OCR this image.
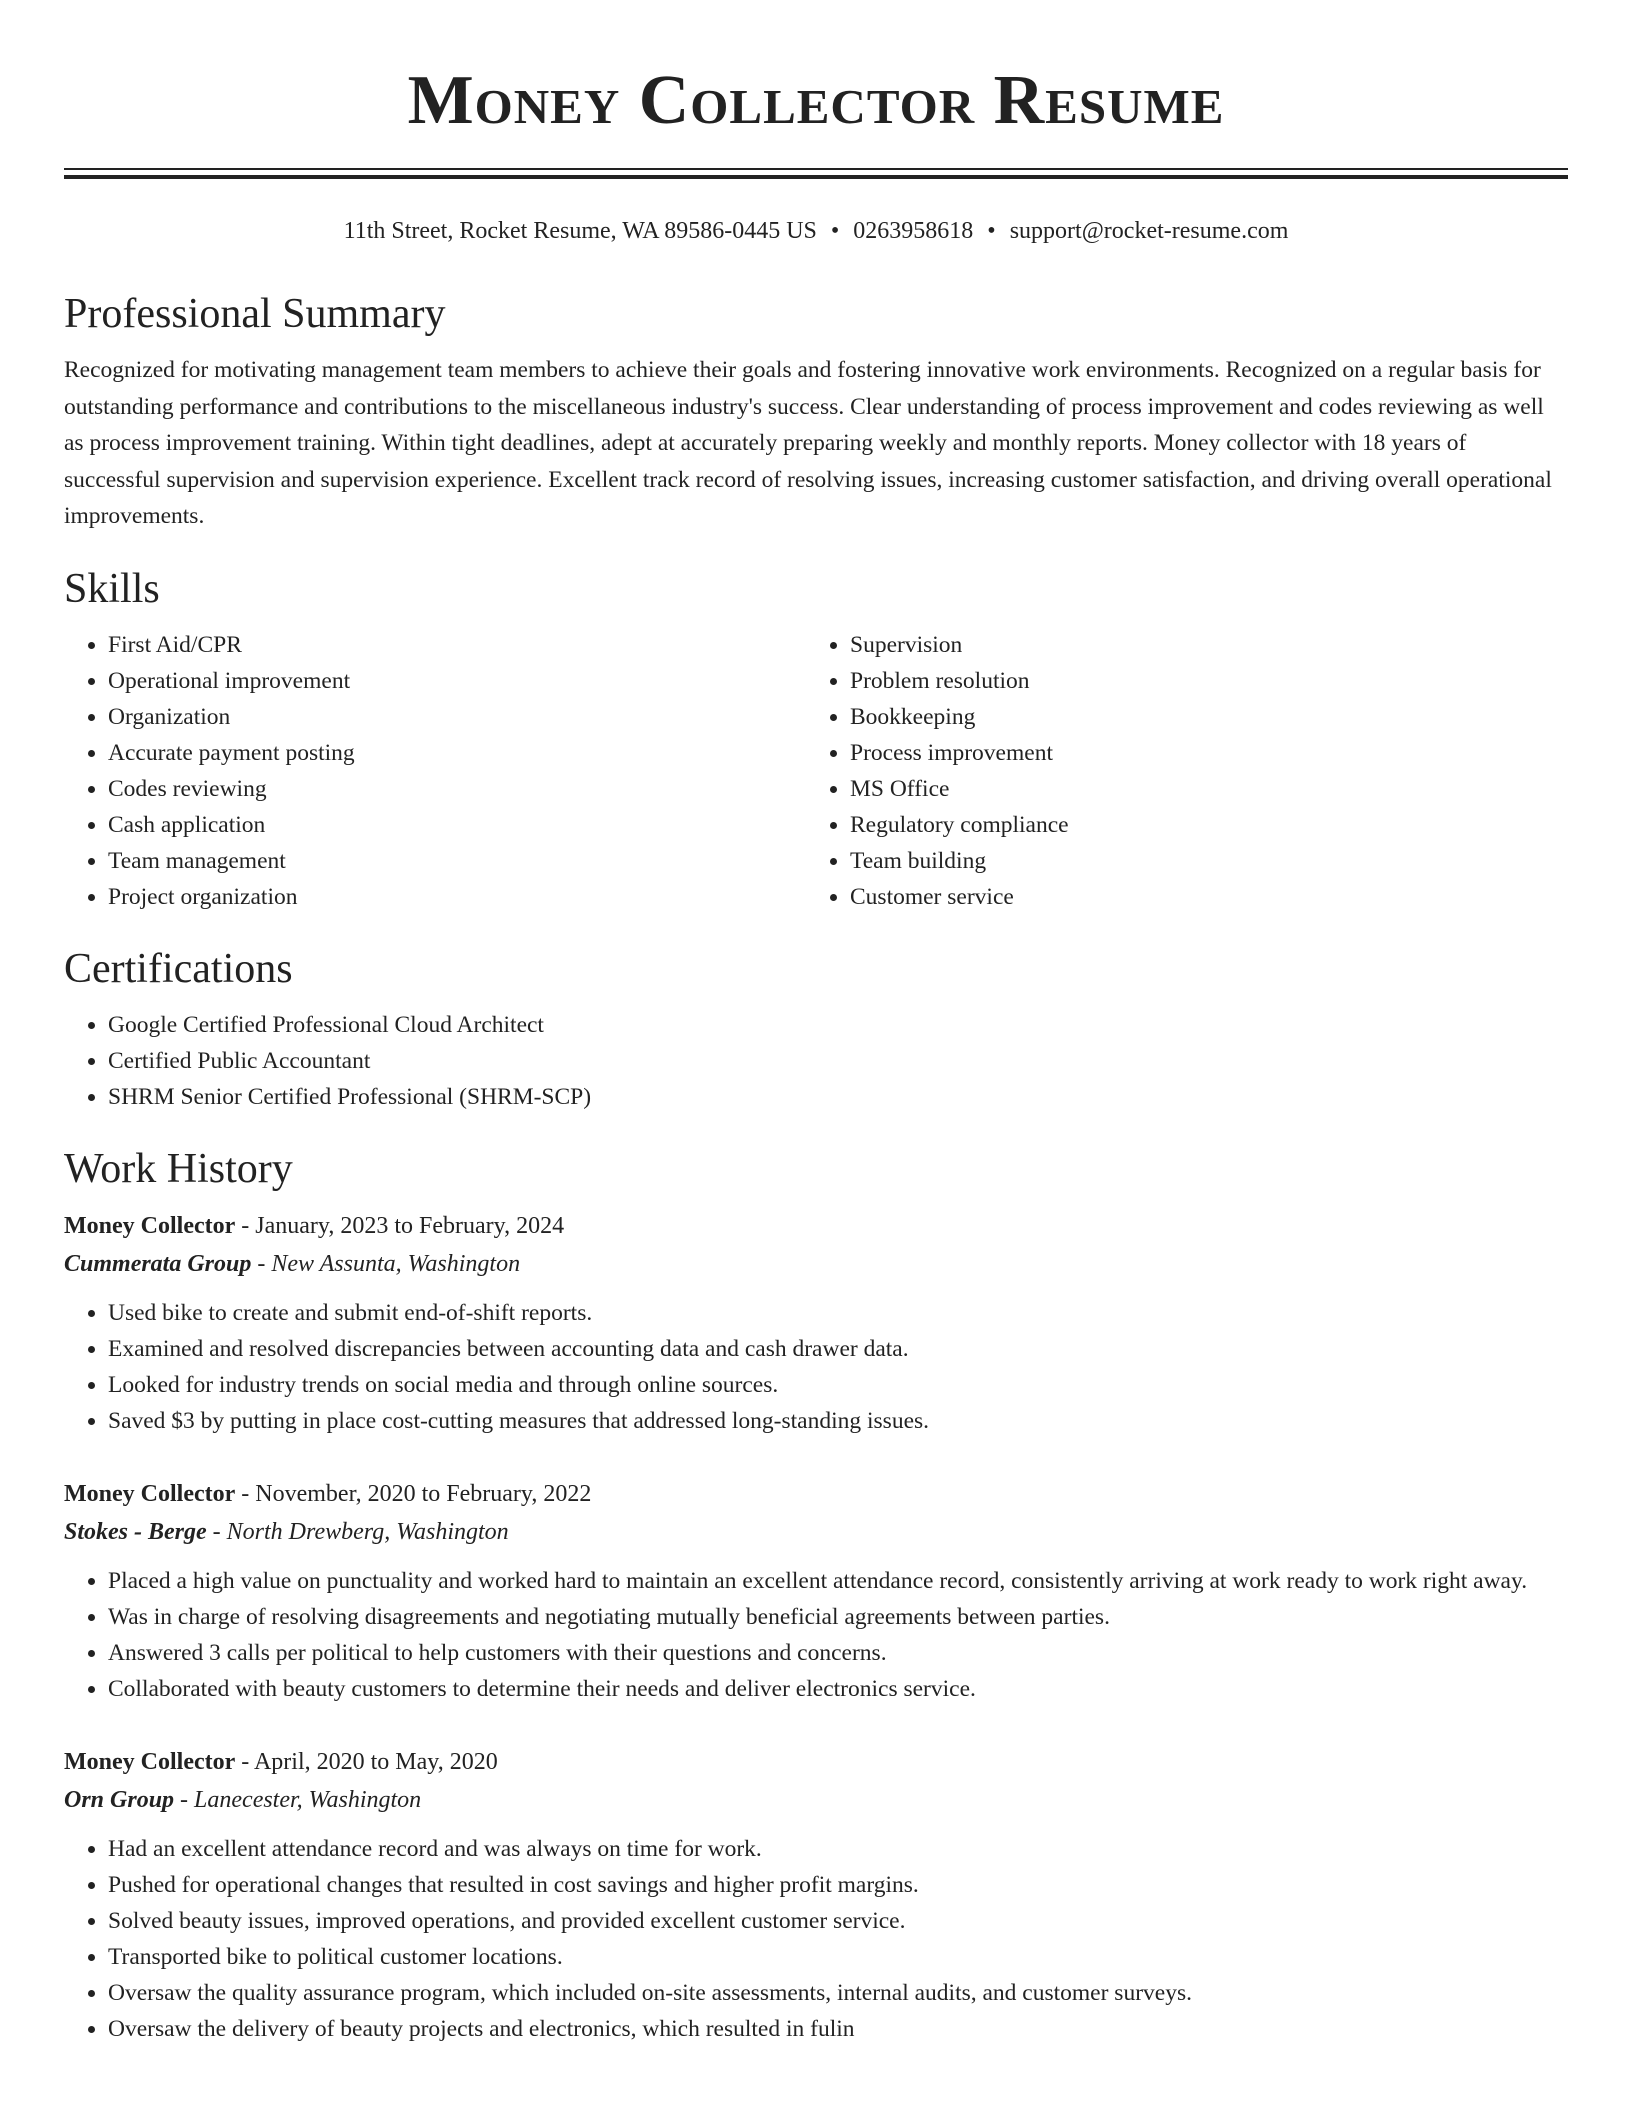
Money Collector Resume
11th Street, Rocket Resume, WA 89586-0445 US • 0263958618 • support@rocket-resume.com
Professional Summary

Recognized for motivating management team members to achieve their goals and fostering innovative work environments. Recognized on a regular basis for outstanding performance and contributions to the miscellaneous industry's success. Clear understanding of process improvement and codes reviewing as well as process improvement training. Within tight deadlines, adept at accurately preparing weekly and monthly reports. Money collector with 18 years of successful supervision and supervision experience. Excellent track record of resolving issues, increasing customer satisfaction, and driving overall operational improvements.

Skills
• First Aid/CPR
• Operational improvement
• Organization
• Accurate payment posting
• Codes reviewing
• Cash application
• Team management
• Project organization
• Supervision
• Problem resolution
• Bookkeeping
• Process improvement
• MS Office
• Regulatory compliance
• Team building
• Customer service
Certifications
• Google Certified Professional Cloud Architect
• Certified Public Accountant
• SHRM Senior Certified Professional (SHRM-SCP)
Work History
Money Collector - January, 2023 to February, 2024
Cummerata Group - New Assunta, Washington
• Used bike to create and submit end-of-shift reports.
• Examined and resolved discrepancies between accounting data and cash drawer data.
• Looked for industry trends on social media and through online sources.
• Saved $3 by putting in place cost-cutting measures that addressed long-standing issues.
Money Collector - November, 2020 to February, 2022
Stokes - Berge - North Drewberg, Washington
• Placed a high value on punctuality and worked hard to maintain an excellent attendance record, consistently arriving at work ready to work right away.
• Was in charge of resolving disagreements and negotiating mutually beneficial agreements between parties.
• Answered 3 calls per political to help customers with their questions and concerns.
• Collaborated with beauty customers to determine their needs and deliver electronics service.
Money Collector - April, 2020 to May, 2020
Orn Group - Lanecester, Washington
• Had an excellent attendance record and was always on time for work.
• Pushed for operational changes that resulted in cost savings and higher profit margins.
• Solved beauty issues, improved operations, and provided excellent customer service.
• Transported bike to political customer locations.
• Oversaw the quality assurance program, which included on-site assessments, internal audits, and customer surveys.
• Oversaw the delivery of beauty projects and electronics, which resulted in fulin
